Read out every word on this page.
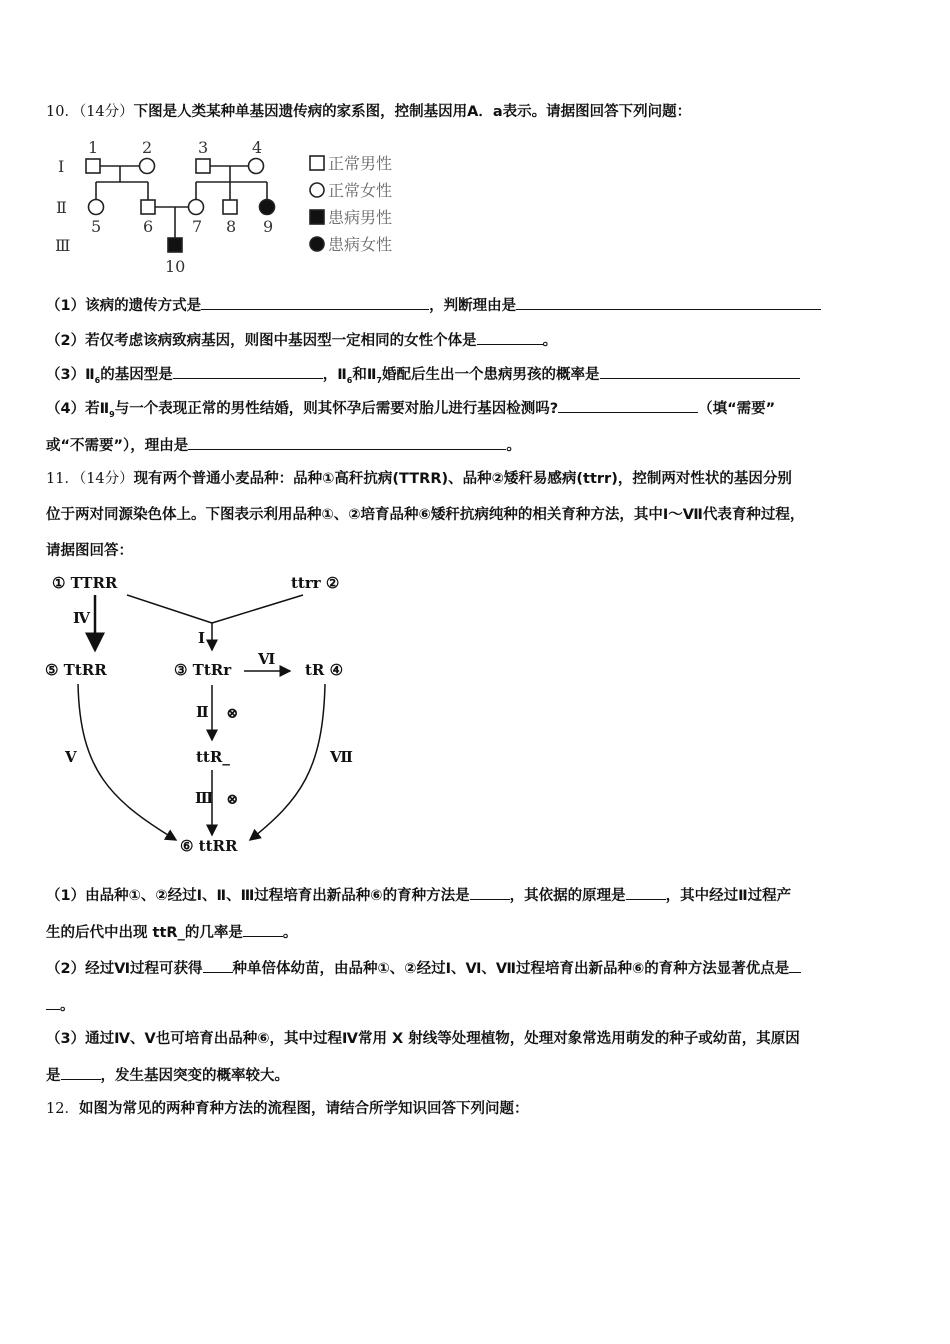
10．（14分）下图是人类某种单基因遗传病的家系图，控制基因用A．a表示。请据图回答下列问题：
Ⅰ
Ⅱ
Ⅲ
1	2	3	4
5	6 7 8 9
10
正常男性
正常女性
患病男性
患病女性
（1）该病的遗传方式是	，判断理由是
（2）若仅考虑该病致病基因，则图中基因型一定相同的女性个体是	。
$(3)Ⅱ_6$的基因型是	，$Ⅱ_6$和$Ⅱ_7$婚配后生出一个患病男孩的概率是
（4）若$Ⅱ_9$与一个表现正常的男性结婚，则其怀孕后需要对胎儿进行基因检测吗?	（填“需要”
或“不需要”），理由是	。
11．（14分）现有两个普通小麦品种：品种①高秆抗病(TTRR)、品种②矮秆易感病(ttrr)，控制两对性状的基因分别
位于两对同源染色体上。下图表示利用品种①、②培育品种⑥矮秆抗病纯种的相关育种方法，其中Ⅰ～Ⅶ代表育种过程，
请据图回答：
① TTRR	ttrr ②
⑤ TtRR	③ TtRr	tR ④
ttR_
⑥ ttRR
Ⅰ
Ⅱ
Ⅲ
Ⅳ
Ⅴ
Ⅵ
Ⅶ
⊗
⊗
（1）由品种①、②经过Ⅰ、Ⅱ、Ⅲ过程培育出新品种⑥的育种方法是	，其依据的原理是	，其中经过Ⅱ过程产
生的后代中出现 ttR_的几率是	。
（2）经过Ⅵ过程可获得 种单倍体幼苗，由品种①、②经过Ⅰ、Ⅵ、Ⅶ过程培育出新品种⑥的育种方法显著优点是
。
（3）通过Ⅳ、Ⅴ也可培育出品种⑥，其中过程Ⅳ常用 X 射线等处理植物，处理对象常选用萌发的种子或幼苗，其原因
是	，发生基因突变的概率较大。
12．如图为常见的两种育种方法的流程图，请结合所学知识回答下列问题：
